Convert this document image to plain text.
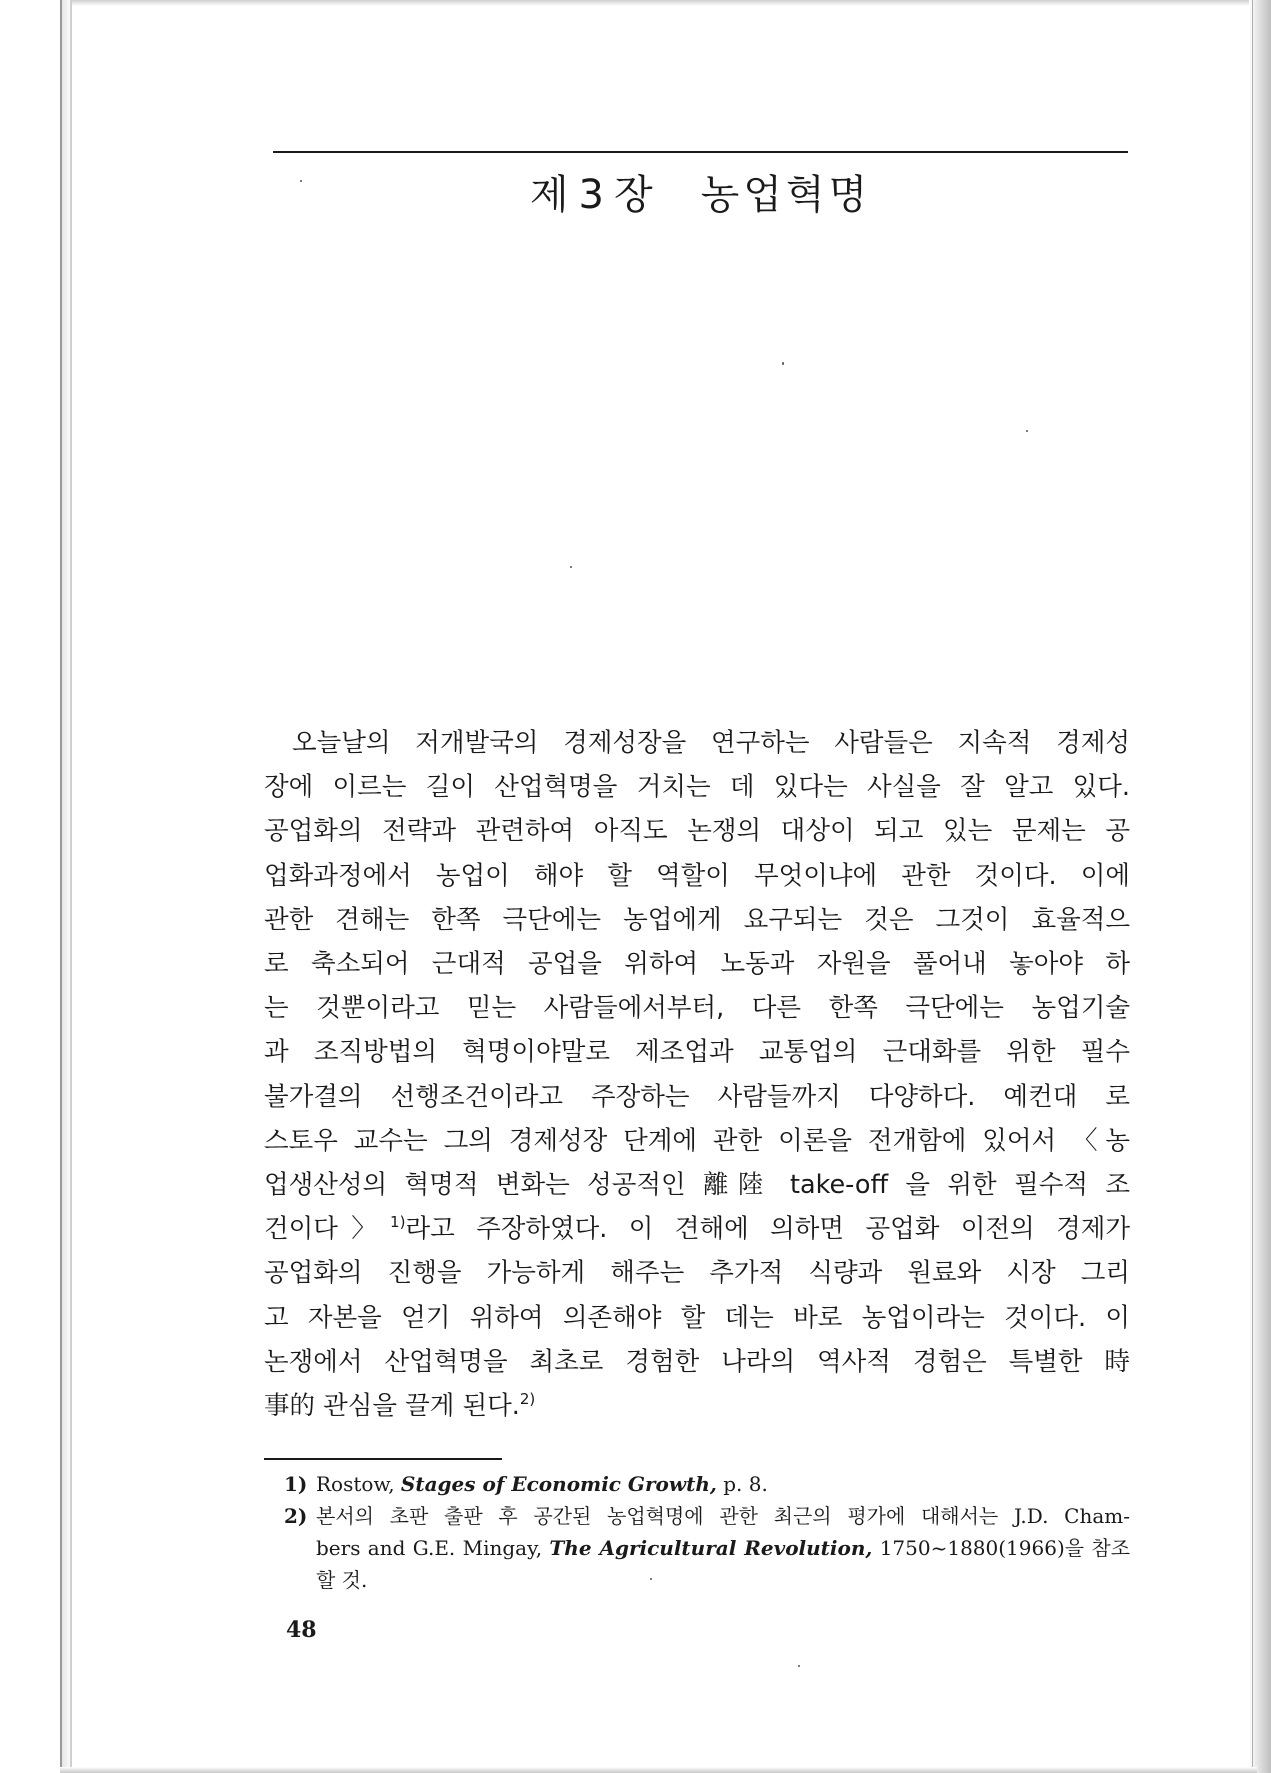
제 3 장 농업혁명

오늘날의 저개발국의 경제성장을 연구하는 사람들은 지속적 경제성
장에 이르는 길이 산업혁명을 거치는 데 있다는 사실을 잘 알고 있다.
공업화의 전략과 관련하여 아직도 논쟁의 대상이 되고 있는 문제는 공
업화과정에서 농업이 해야 할 역할이 무엇이냐에 관한 것이다. 이에
관한 견해는 한쪽 극단에는 농업에게 요구되는 것은 그것이 효율적으
로 축소되어 근대적 공업을 위하여 노동과 자원을 풀어내 놓아야 하
는 것뿐이라고 믿는 사람들에서부터, 다른 한쪽 극단에는 농업기술
과 조직방법의 혁명이야말로 제조업과 교통업의 근대화를 위한 필수
불가결의 선행조건이라고 주장하는 사람들까지 다양하다. 예컨대 로
스토우 교수는 그의 경제성장 단계에 관한 이론을 전개함에 있어서 〈농
업생산성의 혁명적 변화는 성공적인 離陸 take-off 을 위한 필수적 조
건이다〉$^{1)}$라고 주장하였다. 이 견해에 의하면 공업화 이전의 경제가
공업화의 진행을 가능하게 해주는 추가적 식량과 원료와 시장 그리
고 자본을 얻기 위하여 의존해야 할 데는 바로 농업이라는 것이다. 이
논쟁에서 산업혁명을 최초로 경험한 나라의 역사적 경험은 특별한 時
事的 관심을 끌게 된다.$^{2)}$

1) Rostow, Stages of Economic Growth, p. 8.
2) 본서의 초판 출판 후 공간된 농업혁명에 관한 최근의 평가에 대해서는 J.D. Cham-
bers and G.E. Mingay, The Agricultural Revolution, 1750~1880(1966)을 참조
할 것.
48
